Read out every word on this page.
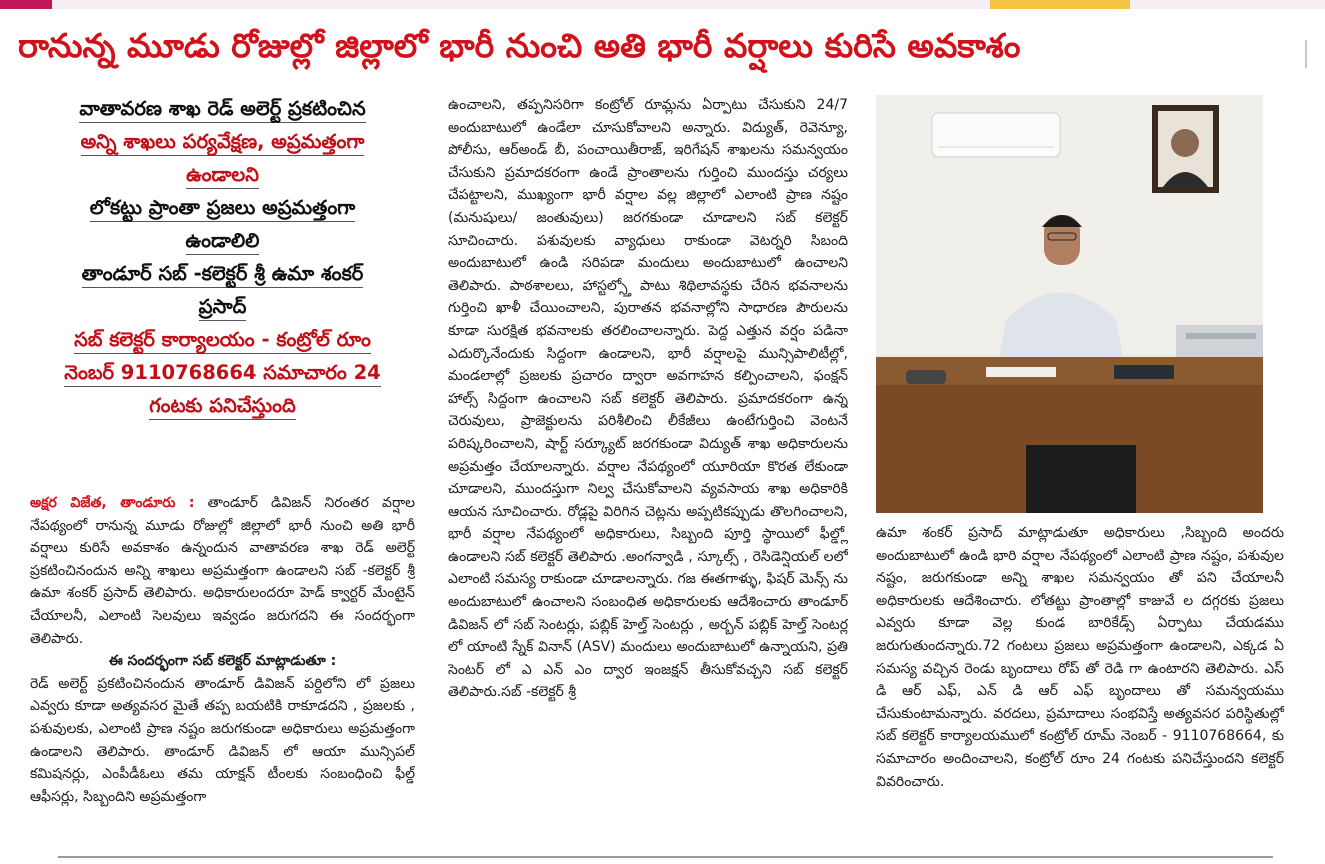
రానున్న మూడు రోజుల్లో జిల్లాలో భారీ నుంచి అతి భారీ వర్షాలు కురిసే అవకాశం

వాతావరణ శాఖ రెడ్ అలెర్ట్ ప్రకటించిన

అన్ని శాఖలు పర్యవేక్షణ, అప్రమత్తంగా

ఉండాలని

లోకట్టు ప్రాంతా ప్రజలు అప్రమత్తంగా

ఉండాలిలి

తాండూర్ సబ్ -కలెక్టర్ శ్రీ ఉమా శంకర్

ప్రసాద్

సబ్ కలెక్టర్ కార్యాలయం - కంట్రోల్ రూం

నెంబర్ 9110768664 సమాచారం 24

గంటకు పనిచేస్తుంది

అక్షర విజేత, తాండూరు : తాండూర్ డివిజన్ నిరంతర వర్షాల నేపథ్యంలో రానున్న మూడు రోజుల్లో జిల్లాలో భారీ నుంచి అతి భారీ వర్షాలు కురిసే అవకాశం ఉన్నందున వాతావరణ శాఖ రెడ్ అలెర్ట్ ప్రకటించినందున అన్ని శాఖలు అప్రమత్తంగా ఉండాలని సబ్ -కలెక్టర్ శ్రీ ఉమా శంకర్ ప్రసాద్ తెలిపారు. అధికారులందరూ హెడ్ క్వార్టర్ మేంటైన్ చేయాలనీ, ఎలాంటి సెలవులు ఇవ్వడం జరుగదని ఈ సందర్భంగా తెలిపారు.

ఈ సందర్భంగా సబ్ కలెక్టర్ మాట్లాడుతూ :

రెడ్ అలెర్ట్ ప్రకటించినందున తాండూర్ డివిజన్ పర్దిలోని లో ప్రజలు ఎవ్వరు కూడా అత్యవసర మైతే తప్ప బయటికి రాకూడదని , ప్రజలకు , పశువులకు, ఎలాంటి ప్రాణ నష్టం జరుగకుండా అధికారులు అప్రమత్తంగా ఉండాలని తెలిపారు. తాండూర్ డివిజన్ లో ఆయా మున్సిపల్ కమిషనర్లు, ఎంపీడీఓలు తమ యాక్షన్ టీంలకు సంబంధించి ఫీల్డ్ ఆఫీసర్లు, సిబ్బందిని అప్రమత్తంగా

ఉంచాలని, తప్పనిసరిగా కంట్రోల్ రూమ్లను ఏర్పాటు చేసుకుని 24/7 అందుబాటులో ఉండేలా చూసుకోవాలని అన్నారు. విద్యుత్, రెవెన్యూ, పోలీసు, ఆర్అండ్ బీ, పంచాయితీరాజ్, ఇరిగేషన్ శాఖలను సమన్వయం చేసుకుని ప్రమాదకరంగా ఉండే ప్రాంతాలను గుర్తించి ముందస్తు చర్యలు చేపట్టాలని, ముఖ్యంగా భారీ వర్షాల వల్ల జిల్లాలో ఎలాంటి ప్రాణ నష్టం (మనుషులు/ జంతువులు) జరగకుండా చూడాలని సబ్ కలెక్టర్ సూచించారు. పశువులకు వ్యాధులు రాకుండా వెటర్నరి సిబంది అందుబాటులో ఉండి సరిపడా మందులు అందుబాటులో ఉంచాలని తెలిపారు. పాఠశాలలు, హాస్టల్స్తో పాటు శిథిలావస్థకు చేరిన భవనాలను గుర్తించి ఖాళీ చేయించాలని, పురాతన భవనాల్లోని సాధారణ పౌరులను కూడా సురక్షిత భవనాలకు తరలించాలన్నారు. పెద్ద ఎత్తున వర్షం పడినా ఎదుర్కొనేందుకు సిద్దంగా ఉండాలని, భారీ వర్షాలపై మున్సిపాలిటీల్లో, మండలాల్లో ప్రజలకు ప్రచారం ద్వారా అవగాహన కల్పించాలని, ఫంక్షన్ హాల్స్ సిద్దంగా ఉంచాలని సబ్ కలెక్టర్ తెలిపారు. ప్రమాదకరంగా ఉన్న చెరువులు, ప్రాజెక్టులను పరిశీలించి లీకేజీలు ఉంటేగుర్తించి వెంటనే పరిష్కరించాలని, షార్ట్ సర్క్యూట్ జరగకుండా విద్యుత్ శాఖ అధికారులను అప్రమత్తం చేయాలన్నారు. వర్షాల నేపథ్యంలో యూరియా కొరత లేకుండా చూడాలని, ముందస్తుగా నిల్వ చేసుకోవాలని వ్యవసాయ శాఖ అధికారికి ఆయన సూచించారు. రోడ్లపై విరిగిన చెట్లను అప్పటికప్పుడు తొలగించాలని, భారీ వర్షాల నేపథ్యంలో అధికారులు, సిబ్బంది పూర్తి స్థాయిలో ఫీల్డ్లో ఉండాలని సబ్ కలెక్టర్ తెలిపారు .అంగన్వాడి , స్కూల్స్ , రెసిడెన్షియల్ లలో ఎలాంటి సమస్య రాకుండా చూడాలన్నారు. గజ ఈతగాళ్ళు, ఫిషర్ మెన్స్ ను అందుబాటులో ఉంచాలని సంబంధిత అధికారులకు ఆదేశించారు తాండూర్ డివిజన్ లో సబ్ సెంటర్లు, పబ్లిక్ హెల్త్ సెంటర్లు , అర్బన్ పబ్లిక్ హెల్త్ సెంటర్ల లో యాంటి స్నేక్ వినాన్ (ASV) మందులు అందుబాటులో ఉన్నాయని, ప్రతి సెంటర్ లో ఎ ఎన్ ఎం ద్వార ఇంజక్షన్ తీసుకోవచ్చని సబ్ కలెక్టర్ తెలిపారు.సబ్ -కలెక్టర్ శ్రీ

ఉమా శంకర్ ప్రసాద్ మాట్లాడుతూ అధికారులు ,సిబ్బంది అందరు అందుబాటులో ఉండి భారి వర్షాల నేపథ్యంలో ఎలాంటి ప్రాణ నష్టం, పశువుల నష్టం, జరుగకుండా అన్ని శాఖల సమన్వయం తో పని చేయాలనీ అధికారులకు ఆదేశించారు. లోతట్టు ప్రాంతాల్లో కాజువే ల దగ్గరకు ప్రజలు ఎవ్వరు కూడా వెల్ల కుండ బారికేడ్స్ ఏర్పాటు చేయడము జరుగుతుందన్నారు.72 గంటలు ప్రజలు అప్రమత్తంగా ఉండాలని, ఎక్కడ ఏ సమస్య వచ్చిన రెండు బృందాలు రోప్ తో రెడి గా ఉంటారని తెలిపారు. ఎస్ డి ఆర్ ఎఫ్, ఎన్ డి ఆర్ ఎఫ్ బృందాలు తో సమన్వయము చేసుకుంటామన్నారు. వరదలు, ప్రమాదాలు సంభవిస్తే అత్యవసర పరిస్థితుల్లో సబ్ కలెక్టర్ కార్యాలయములో కంట్రోల్ రూమ్ నెంబర్ - 9110768664, కు సమాచారం అందించాలని, కంట్రోల్ రూం 24 గంటకు పనిచేస్తుందని కలెక్టర్ వివరించారు.
